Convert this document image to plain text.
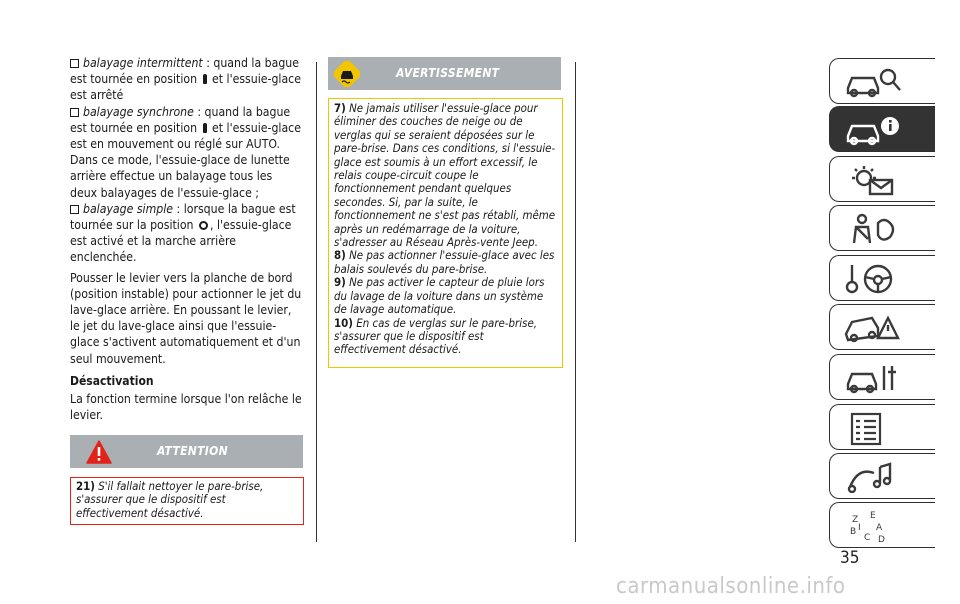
balayage intermittent : quand la bague est tournée en position  et l'essuie-glace est arrêté
balayage synchrone : quand la bague est tournée en position  et l'essuie-glace est en mouvement ou réglé sur AUTO. Dans ce mode, l'essuie-glace de lunette arrière effectue un balayage tous les deux balayages de l'essuie-glace ;
balayage simple : lorsque la bague est tournée sur la position , l'essuie-glace est activé et la marche arrière enclenchée.
Pousser le levier vers la planche de bord (position instable) pour actionner le jet du lave-glace arrière. En poussant le levier, le jet du lave-glace ainsi que l'essuie-glace s'activent automatiquement et d'un seul mouvement.
Désactivation
La fonction termine lorsque l'on relâche le levier.
ATTENTION
21) S'il fallait nettoyer le pare-brise, s'assurer que le dispositif est effectivement désactivé.
AVERTISSEMENT
7) Ne jamais utiliser l'essuie-glace pour éliminer des couches de neige ou de verglas qui se seraient déposées sur le pare-brise. Dans ces conditions, si l'essuie-glace est soumis à un effort excessif, le relais coupe-circuit coupe le fonctionnement pendant quelques secondes. Si, par la suite, le fonctionnement ne s'est pas rétabli, même après un redémarrage de la voiture, s'adresser au Réseau Après-vente Jeep.
8) Ne pas actionner l'essuie-glace avec les balais soulevés du pare-brise.
9) Ne pas activer le capteur de pluie lors du lavage de la voiture dans un système de lavage automatique.
10) En cas de verglas sur le pare-brise, s'assurer que le dispositif est effectivement désactivé.
Z E
B
C
A
I
D
35
carmanualsonline.info
